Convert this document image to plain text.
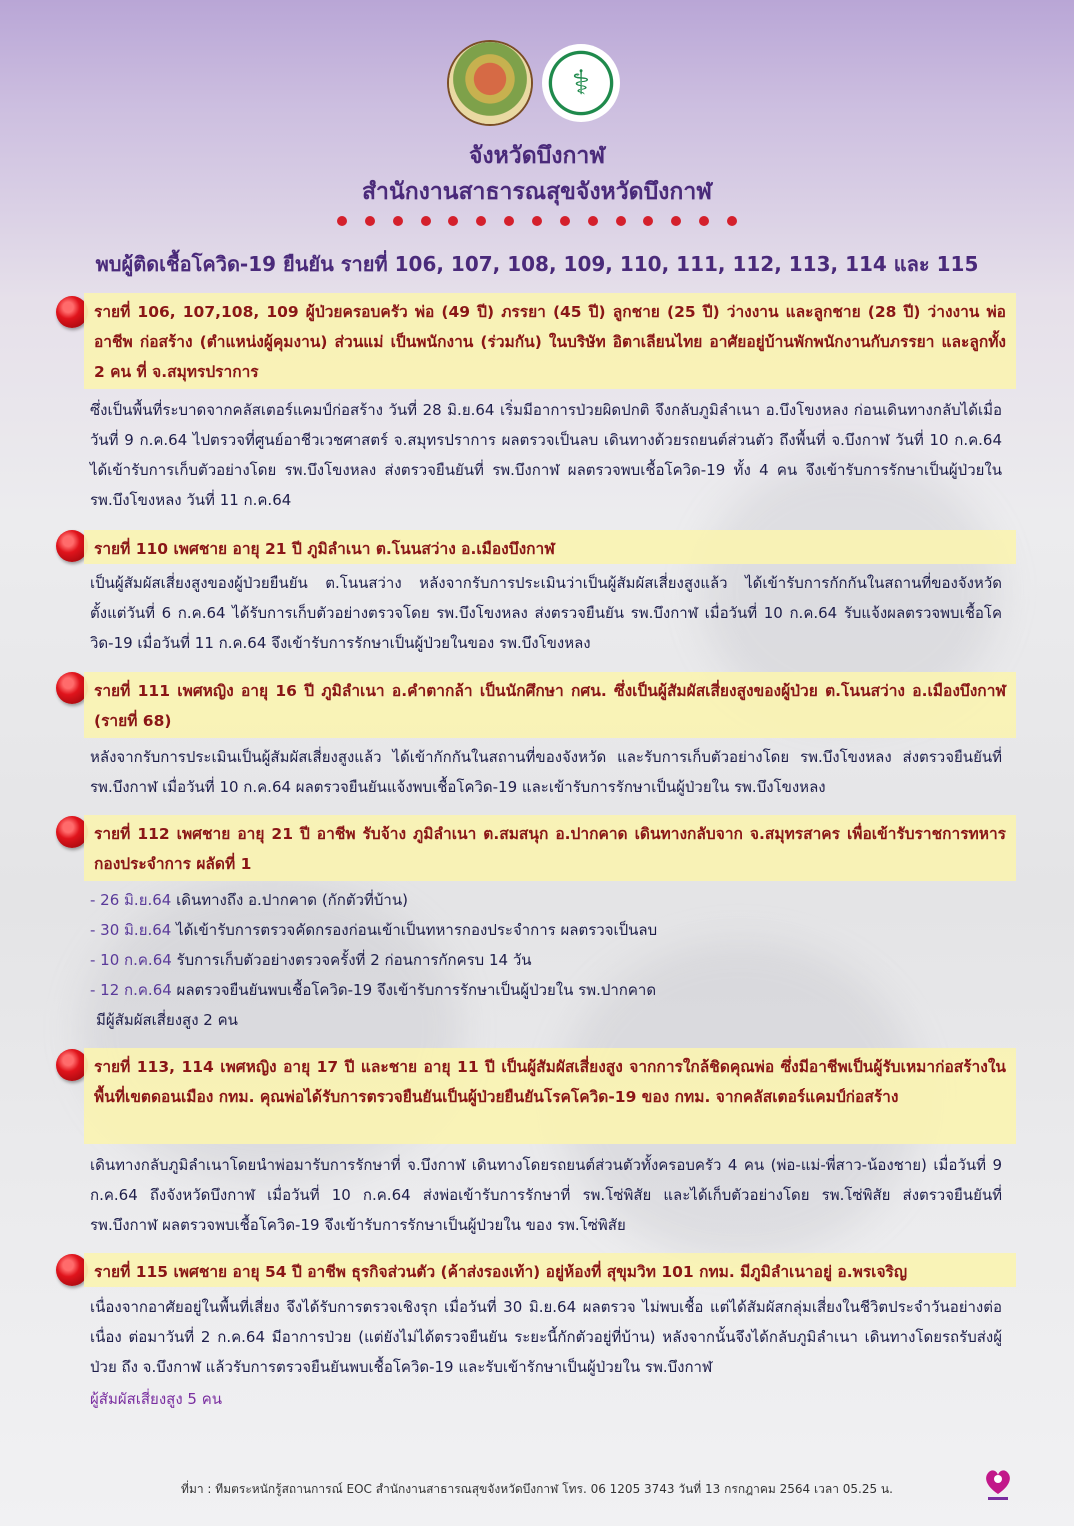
⚕
จังหวัดบึงกาฬ
สำนักงานสาธารณสุขจังหวัดบึงกาฬ
พบผู้ติดเชื้อโควิด-19 ยืนยัน รายที่ 106, 107, 108, 109, 110, 111, 112, 113, 114 และ 115

รายที่ 106, 107,108, 109 ผู้ป่วยครอบครัว พ่อ (49 ปี) ภรรยา (45 ปี) ลูกชาย (25 ปี) ว่างงาน และลูกชาย (28 ปี) ว่างงาน พ่ออาชีพ ก่อสร้าง (ตำแหน่งผู้คุมงาน) ส่วนแม่ เป็นพนักงาน (ร่วมกัน) ในบริษัท อิตาเลียนไทย อาศัยอยู่บ้านพักพนักงานกับภรรยา และลูกทั้ง 2 คน ที่ จ.สมุทรปราการ

ซึ่งเป็นพื้นที่ระบาดจากคลัสเตอร์แคมป์ก่อสร้าง วันที่ 28 มิ.ย.64 เริ่มมีอาการป่วยผิดปกติ จึงกลับภูมิลำเนา อ.บึงโขงหลง ก่อนเดินทางกลับได้เมื่อวันที่ 9 ก.ค.64 ไปตรวจที่ศูนย์อาชีวเวชศาสตร์ จ.สมุทรปราการ ผลตรวจเป็นลบ เดินทางด้วยรถยนต์ส่วนตัว ถึงพื้นที่ จ.บึงกาฬ วันที่ 10 ก.ค.64 ได้เข้ารับการเก็บตัวอย่างโดย รพ.บึงโขงหลง ส่งตรวจยืนยันที่ รพ.บึงกาฬ ผลตรวจพบเชื้อโควิด-19 ทั้ง 4 คน จึงเข้ารับการรักษาเป็นผู้ป่วยใน รพ.บึงโขงหลง วันที่ 11 ก.ค.64

รายที่ 110 เพศชาย อายุ 21 ปี ภูมิลำเนา ต.โนนสว่าง อ.เมืองบึงกาฬ

เป็นผู้สัมผัสเสี่ยงสูงของผู้ป่วยยืนยัน ต.โนนสว่าง หลังจากรับการประเมินว่าเป็นผู้สัมผัสเสี่ยงสูงแล้ว ได้เข้ารับการกักกันในสถานที่ของจังหวัด ตั้งแต่วันที่ 6 ก.ค.64 ได้รับการเก็บตัวอย่างตรวจโดย รพ.บึงโขงหลง ส่งตรวจยืนยัน รพ.บึงกาฬ เมื่อวันที่ 10 ก.ค.64 รับแจ้งผลตรวจพบเชื้อโควิด-19 เมื่อวันที่ 11 ก.ค.64 จึงเข้ารับการรักษาเป็นผู้ป่วยในของ รพ.บึงโขงหลง

รายที่ 111 เพศหญิง อายุ 16 ปี ภูมิลำเนา อ.คำตากล้า เป็นนักศึกษา กศน. ซึ่งเป็นผู้สัมผัสเสี่ยงสูงของผู้ป่วย ต.โนนสว่าง อ.เมืองบึงกาฬ (รายที่ 68)

หลังจากรับการประเมินเป็นผู้สัมผัสเสี่ยงสูงแล้ว ได้เข้ากักกันในสถานที่ของจังหวัด และรับการเก็บตัวอย่างโดย รพ.บึงโขงหลง ส่งตรวจยืนยันที่ รพ.บึงกาฬ เมื่อวันที่ 10 ก.ค.64 ผลตรวจยืนยันแจ้งพบเชื้อโควิด-19 และเข้ารับการรักษาเป็นผู้ป่วยใน รพ.บึงโขงหลง

รายที่ 112 เพศชาย อายุ 21 ปี อาชีพ รับจ้าง ภูมิลำเนา ต.สมสนุก อ.ปากคาด เดินทางกลับจาก จ.สมุทรสาคร เพื่อเข้ารับราชการทหารกองประจำการ ผลัดที่ 1

- 26 มิ.ย.64 เดินทางถึง อ.ปากคาด (กักตัวที่บ้าน)
- 30 มิ.ย.64 ได้เข้ารับการตรวจคัดกรองก่อนเข้าเป็นทหารกองประจำการ ผลตรวจเป็นลบ
- 10 ก.ค.64 รับการเก็บตัวอย่างตรวจครั้งที่ 2 ก่อนการกักครบ 14 วัน
- 12 ก.ค.64 ผลตรวจยืนยันพบเชื้อโควิด-19 จึงเข้ารับการรักษาเป็นผู้ป่วยใน รพ.ปากคาด
มีผู้สัมผัสเสี่ยงสูง 2 คน

รายที่ 113, 114 เพศหญิง อายุ 17 ปี และชาย อายุ 11 ปี เป็นผู้สัมผัสเสี่ยงสูง จากการใกล้ชิดคุณพ่อ ซึ่งมีอาชีพเป็นผู้รับเหมาก่อสร้างในพื้นที่เขตดอนเมือง กทม. คุณพ่อได้รับการตรวจยืนยันเป็นผู้ป่วยยืนยันโรคโควิด-19 ของ กทม. จากคลัสเตอร์แคมป์ก่อสร้าง

เดินทางกลับภูมิลำเนาโดยนำพ่อมารับการรักษาที่ จ.บึงกาฬ เดินทางโดยรถยนต์ส่วนตัวทั้งครอบครัว 4 คน (พ่อ-แม่-พี่สาว-น้องชาย) เมื่อวันที่ 9 ก.ค.64 ถึงจังหวัดบึงกาฬ เมื่อวันที่ 10 ก.ค.64 ส่งพ่อเข้ารับการรักษาที่ รพ.โซ่พิสัย และได้เก็บตัวอย่างโดย รพ.โซ่พิสัย ส่งตรวจยืนยันที่ รพ.บึงกาฬ ผลตรวจพบเชื้อโควิด-19 จึงเข้ารับการรักษาเป็นผู้ป่วยใน ของ รพ.โซ่พิสัย

รายที่ 115 เพศชาย อายุ 54 ปี อาชีพ ธุรกิจส่วนตัว (ค้าส่งรองเท้า) อยู่ห้องที่ สุขุมวิท 101 กทม. มีภูมิลำเนาอยู่ อ.พรเจริญ

เนื่องจากอาศัยอยู่ในพื้นที่เสี่ยง จึงได้รับการตรวจเชิงรุก เมื่อวันที่ 30 มิ.ย.64 ผลตรวจ ไม่พบเชื้อ แต่ได้สัมผัสกลุ่มเสี่ยงในชีวิตประจำวันอย่างต่อเนื่อง ต่อมาวันที่ 2 ก.ค.64 มีอาการป่วย (แต่ยังไม่ได้ตรวจยืนยัน ระยะนี้กักตัวอยู่ที่บ้าน) หลังจากนั้นจึงได้กลับภูมิลำเนา เดินทางโดยรถรับส่งผู้ป่วย ถึง จ.บึงกาฬ แล้วรับการตรวจยืนยันพบเชื้อโควิด-19 และรับเข้ารักษาเป็นผู้ป่วยใน รพ.บึงกาฬ

ผู้สัมผัสเสี่ยงสูง 5 คน

ที่มา : ทีมตระหนักรู้สถานการณ์ EOC สำนักงานสาธารณสุขจังหวัดบึงกาฬ โทร. 06 1205 3743 วันที่ 13 กรกฎาคม 2564 เวลา 05.25 น.
